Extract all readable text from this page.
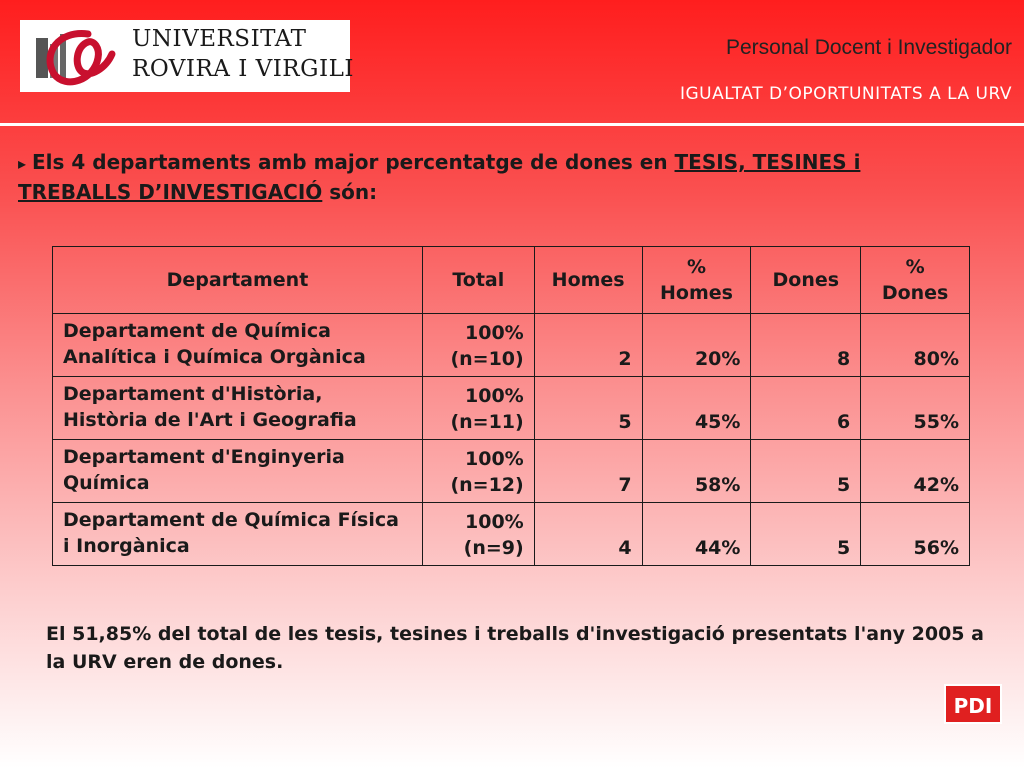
UNIVERSITAT
ROVIRA I VIRGILI
Personal Docent i Investigador
IGUALTAT D’OPORTUNITATS A LA URV
▸ Els 4 departaments amb major percentatge de dones en TESIS, TESINES i TREBALLS D’INVESTIGACIÓ són:
Departament	Total	Homes	% Homes	Dones	% Dones
Departament de Química Analítica i Química Orgànica	100% (n=10)	2	20%	8	80%
Departament d'Història, Història de l'Art i Geografia	100% (n=11)	5	45%	6	55%
Departament d'Enginyeria Química	100% (n=12)	7	58%	5	42%
Departament de Química Física i Inorgànica	100% (n=9)	4	44%	5	56%
El 51,85% del total de les tesis, tesines i treballs d'investigació presentats l'any 2005 a la URV eren de dones.
PDI
